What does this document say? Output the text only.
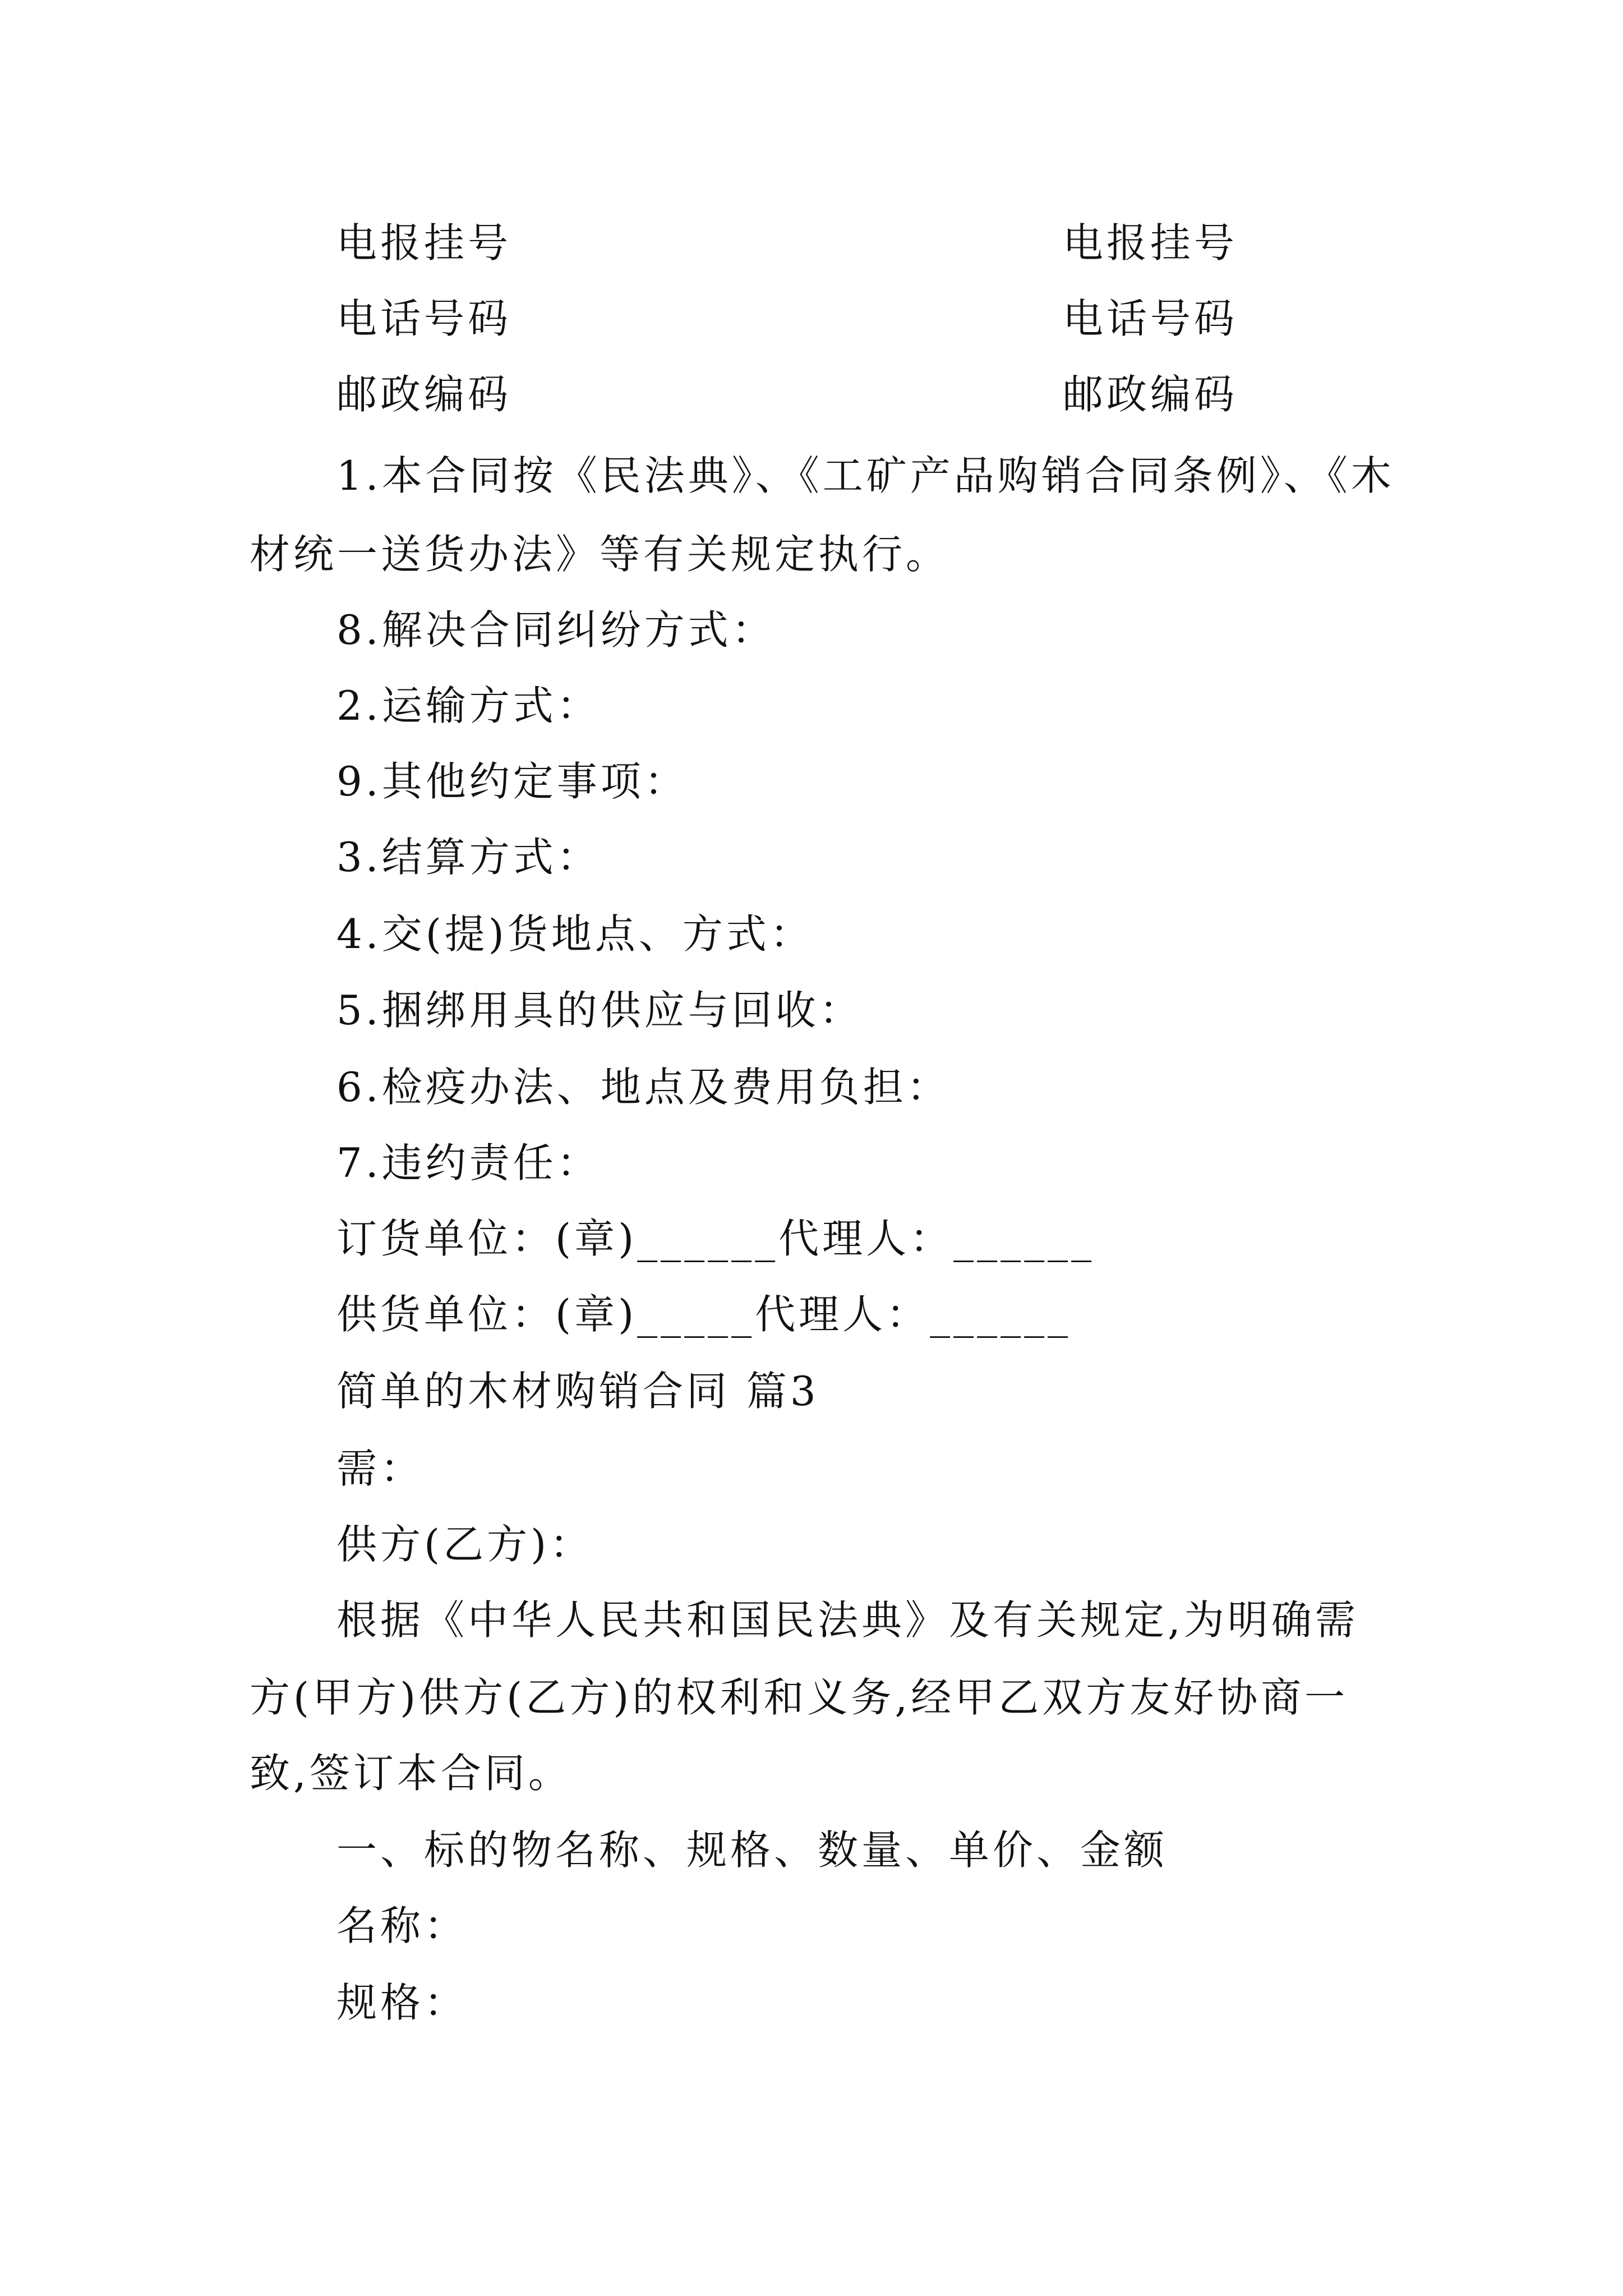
电报挂号	电报挂号
电话号码	电话号码
邮政编码	邮政编码
1.本合同按《民法典》、《工矿产品购销合同条例》、《木
材统一送货办法》等有关规定执行。
8.解决合同纠纷方式：
2.运输方式：
9.其他约定事项：
3.结算方式：
4.交(提)货地点、方式：
5.捆绑用具的供应与回收：
6.检疫办法、地点及费用负担：
7.违约责任：
订货单位：(章)______代理人：______
供货单位：(章)_____代理人：______
简单的木材购销合同 篇3
需：
供方(乙方)：
根据《中华人民共和国民法典》及有关规定,为明确需
方(甲方)供方(乙方)的权利和义务,经甲乙双方友好协商一
致,签订本合同。
一、标的物名称、规格、数量、单价、金额
名称：
规格：
